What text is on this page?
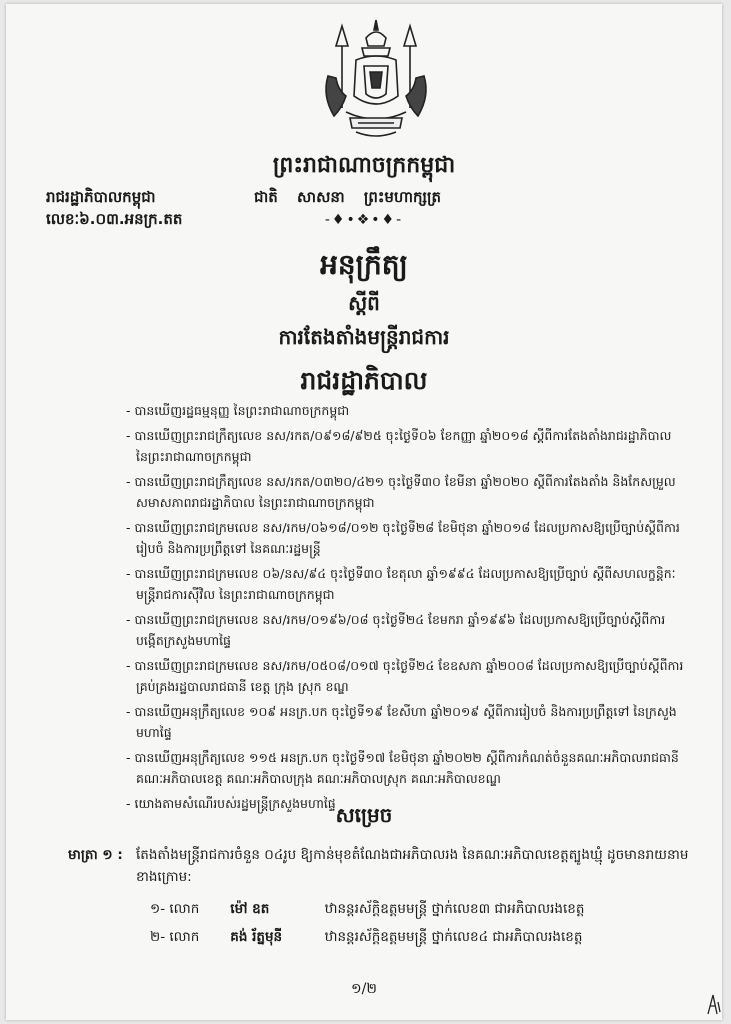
ព្រះរាជាណាចក្រកម្ពុជា
រាជរដ្ឋាភិបាលកម្ពុជា	ជាតិ សាសនា ព្រះមហាក្សត្រ
លេខៈ៦.០៣.អនក្រ.តត	-♦•❖•♦-
អនុក្រឹត្យ
ស្តីពី
ការតែងតាំងមន្ត្រីរាជការ
រាជរដ្ឋាភិបាល
- បានឃើញរដ្ឋធម្មនុញ្ញ នៃព្រះរាជាណាចក្រកម្ពុជា
- បានឃើញព្រះរាជក្រឹត្យលេខ នស/រកត/០៩១៨/៩២៥ ចុះថ្ងៃទី០៦ ខែកញ្ញា ឆ្នាំ២០១៨ ស្តីពីការតែងតាំងរាជរដ្ឋាភិបាល នៃព្រះរាជាណាចក្រកម្ពុជា
- បានឃើញព្រះរាជក្រឹត្យលេខ នស/រកត/០៣២០/៤២១ ចុះថ្ងៃទី៣០ ខែមីនា ឆ្នាំ២០២០ ស្តីពីការតែងតាំង និងកែសម្រួលសមាសភាពរាជរដ្ឋាភិបាល នៃព្រះរាជាណាចក្រកម្ពុជា
- បានឃើញព្រះរាជក្រមលេខ នស/រកម/០៦១៨/០១២ ចុះថ្ងៃទី២៨ ខែមិថុនា ឆ្នាំ២០១៨ ដែលប្រកាសឱ្យប្រើច្បាប់ស្តីពីការរៀបចំ និងការប្រព្រឹត្តទៅ នៃគណៈរដ្ឋមន្ត្រី
- បានឃើញព្រះរាជក្រមលេខ ០៦/នស/៩៤ ចុះថ្ងៃទី៣០ ខែតុលា ឆ្នាំ១៩៩៤ ដែលប្រកាសឱ្យប្រើច្បាប់ ស្តីពីសហលក្ខន្តិកៈមន្ត្រីរាជការស៊ីវិល នៃព្រះរាជាណាចក្រកម្ពុជា
- បានឃើញព្រះរាជក្រមលេខ នស/រកម/០១៩៦/០៨ ចុះថ្ងៃទី២៤ ខែមករា ឆ្នាំ១៩៩៦ ដែលប្រកាសឱ្យប្រើច្បាប់ស្តីពីការបង្កើតក្រសួងមហាផ្ទៃ
- បានឃើញព្រះរាជក្រមលេខ នស/រកម/០៥០៨/០១៧ ចុះថ្ងៃទី២៤ ខែឧសភា ឆ្នាំ២០០៨ ដែលប្រកាសឱ្យប្រើច្បាប់ស្តីពីការគ្រប់គ្រងរដ្ឋបាលរាជធានី ខេត្ត ក្រុង ស្រុក ខណ្ឌ
- បានឃើញអនុក្រឹត្យលេខ ១០៩ អនក្រ.បក ចុះថ្ងៃទី១៩ ខែសីហា ឆ្នាំ២០១៩ ស្តីពីការរៀបចំ និងការប្រព្រឹត្តទៅ នៃក្រសួងមហាផ្ទៃ
- បានឃើញអនុក្រឹត្យលេខ ១១៥ អនក្រ.បក ចុះថ្ងៃទី១៧ ខែមិថុនា ឆ្នាំ២០២២ ស្តីពីការកំណត់ចំនួនគណៈអភិបាលរាជធានី គណៈអភិបាលខេត្ត គណៈអភិបាលក្រុង គណៈអភិបាលស្រុក គណៈអភិបាលខណ្ឌ
- យោងតាមសំណើរបស់រដ្ឋមន្ត្រីក្រសួងមហាផ្ទៃ សម្រេច
មាត្រា ១ : តែងតាំងមន្ត្រីរាជការចំនួន ០៤រូប ឱ្យកាន់មុខតំណែងជាអភិបាលរង នៃគណៈអភិបាលខេត្តត្បូងឃ្មុំ ដូចមានរាយនាមខាងក្រោម:
១- លោក ម៉ៅ ឧត	ឋានន្តរស័ក្តិឧត្តមមន្ត្រី ថ្នាក់លេខ៣ ជាអភិបាលរងខេត្ត
២- លោក គង់ រ័ត្នមុនី	ឋានន្តរស័ក្តិឧត្តមមន្ត្រី ថ្នាក់លេខ៤ ជាអភិបាលរងខេត្ត
១/២
